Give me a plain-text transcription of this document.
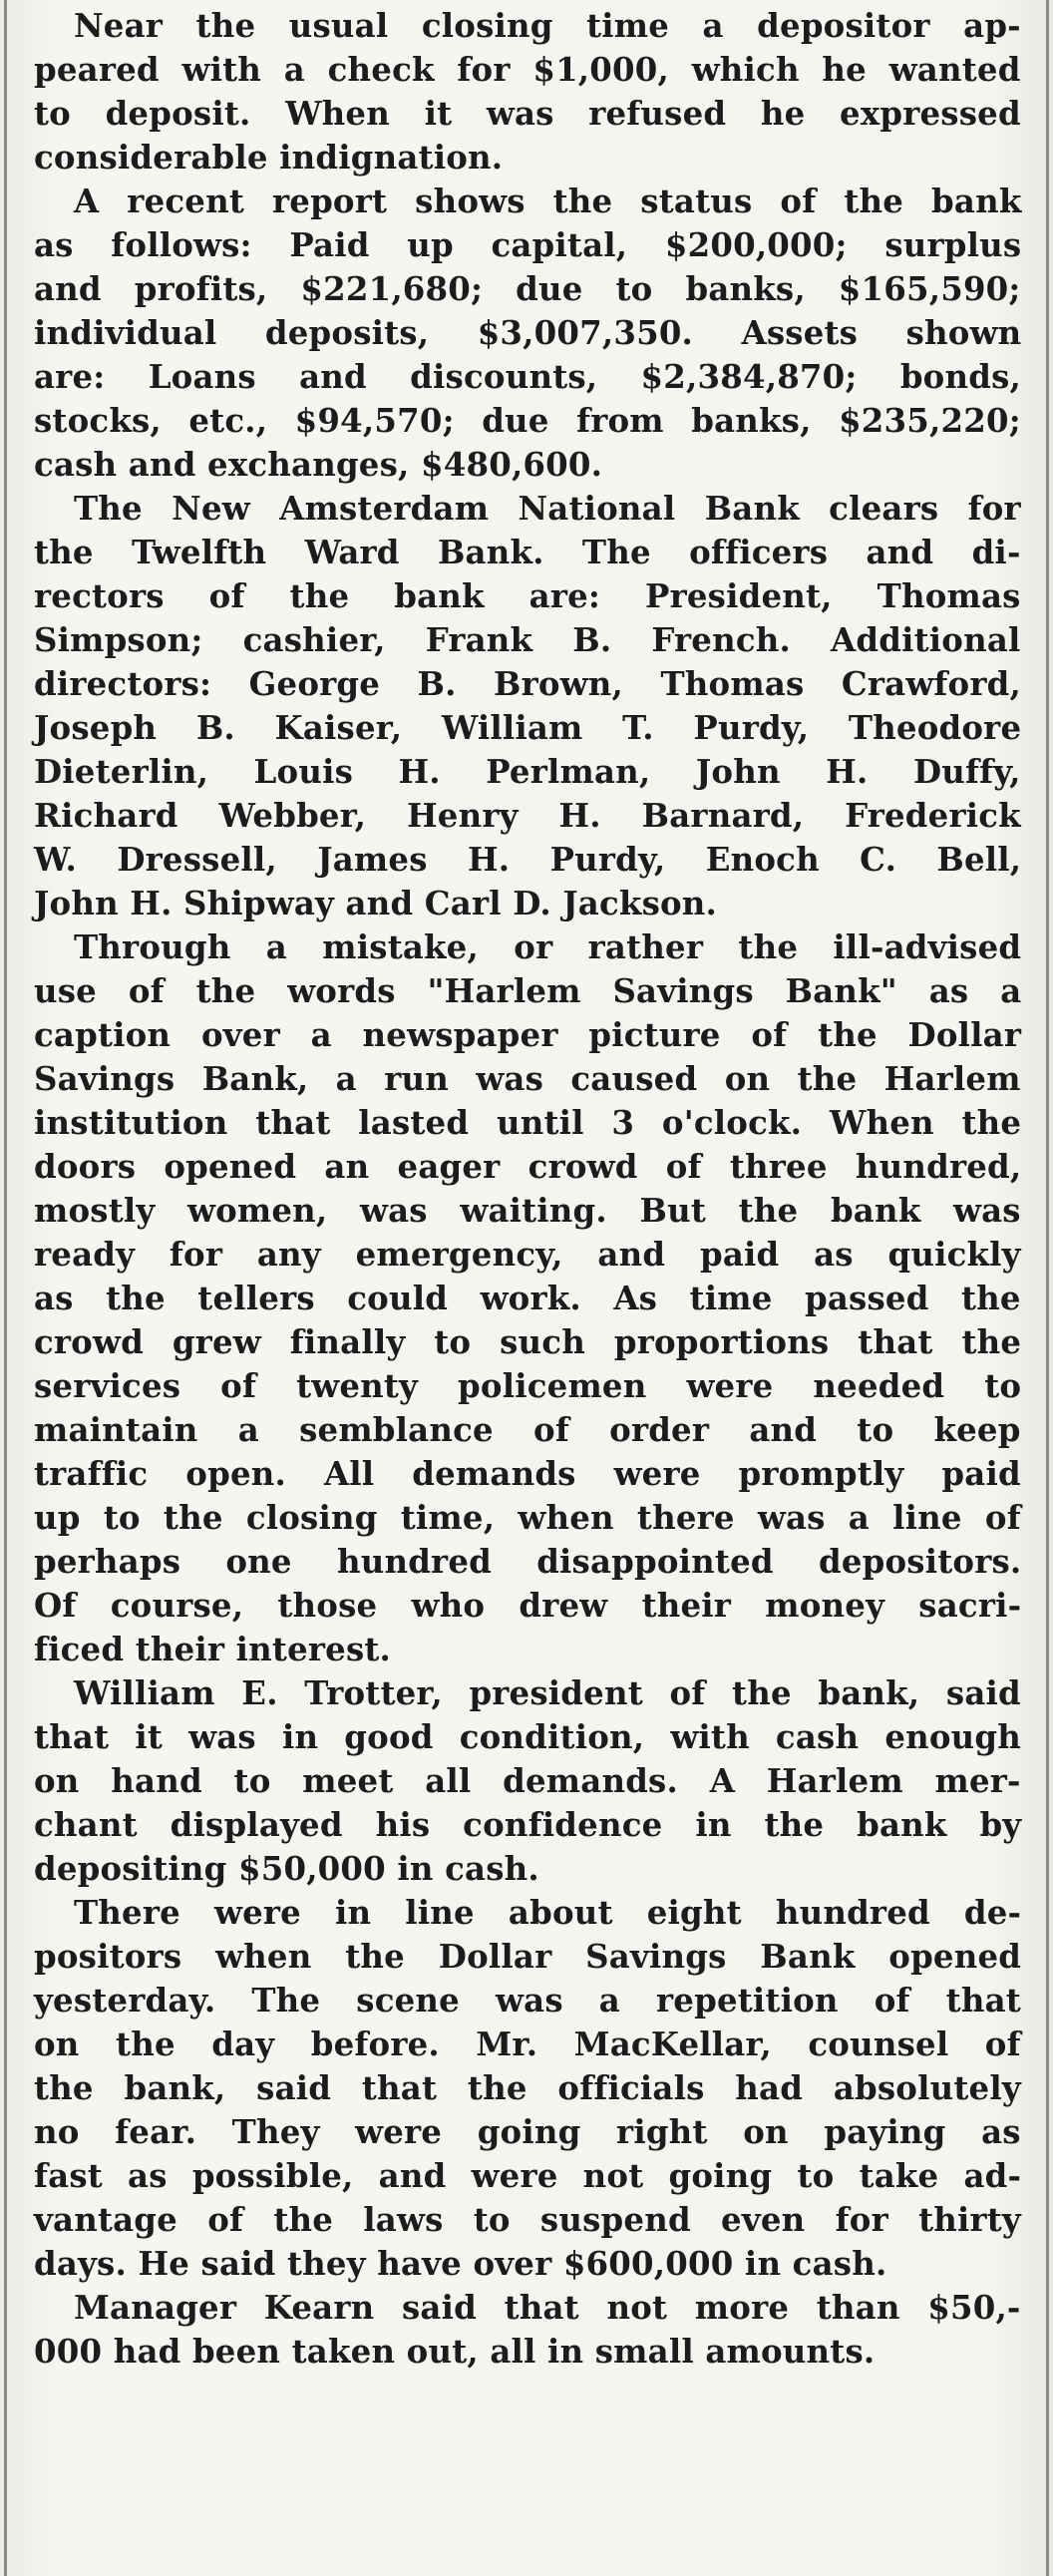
Near the usual closing time a depositor ap-
peared with a check for $1,000, which he wanted
to deposit. When it was refused he expressed
considerable indignation.
A recent report shows the status of the bank
as follows: Paid up capital, $200,000; surplus
and profits, $221,680; due to banks, $165,590;
individual deposits, $3,007,350. Assets shown
are: Loans and discounts, $2,384,870; bonds,
stocks, etc., $94,570; due from banks, $235,220;
cash and exchanges, $480,600.
The New Amsterdam National Bank clears for
the Twelfth Ward Bank. The officers and di-
rectors of the bank are: President, Thomas
Simpson; cashier, Frank B. French. Additional
directors: George B. Brown, Thomas Crawford,
Joseph B. Kaiser, William T. Purdy, Theodore
Dieterlin, Louis H. Perlman, John H. Duffy,
Richard Webber, Henry H. Barnard, Frederick
W. Dressell, James H. Purdy, Enoch C. Bell,
John H. Shipway and Carl D. Jackson.
Through a mistake, or rather the ill-advised
use of the words "Harlem Savings Bank" as a
caption over a newspaper picture of the Dollar
Savings Bank, a run was caused on the Harlem
institution that lasted until 3 o'clock. When the
doors opened an eager crowd of three hundred,
mostly women, was waiting. But the bank was
ready for any emergency, and paid as quickly
as the tellers could work. As time passed the
crowd grew finally to such proportions that the
services of twenty policemen were needed to
maintain a semblance of order and to keep
traffic open. All demands were promptly paid
up to the closing time, when there was a line of
perhaps one hundred disappointed depositors.
Of course, those who drew their money sacri-
ficed their interest.
William E. Trotter, president of the bank, said
that it was in good condition, with cash enough
on hand to meet all demands. A Harlem mer-
chant displayed his confidence in the bank by
depositing $50,000 in cash.
There were in line about eight hundred de-
positors when the Dollar Savings Bank opened
yesterday. The scene was a repetition of that
on the day before. Mr. MacKellar, counsel of
the bank, said that the officials had absolutely
no fear. They were going right on paying as
fast as possible, and were not going to take ad-
vantage of the laws to suspend even for thirty
days. He said they have over $600,000 in cash.
Manager Kearn said that not more than $50,-
000 had been taken out, all in small amounts.
